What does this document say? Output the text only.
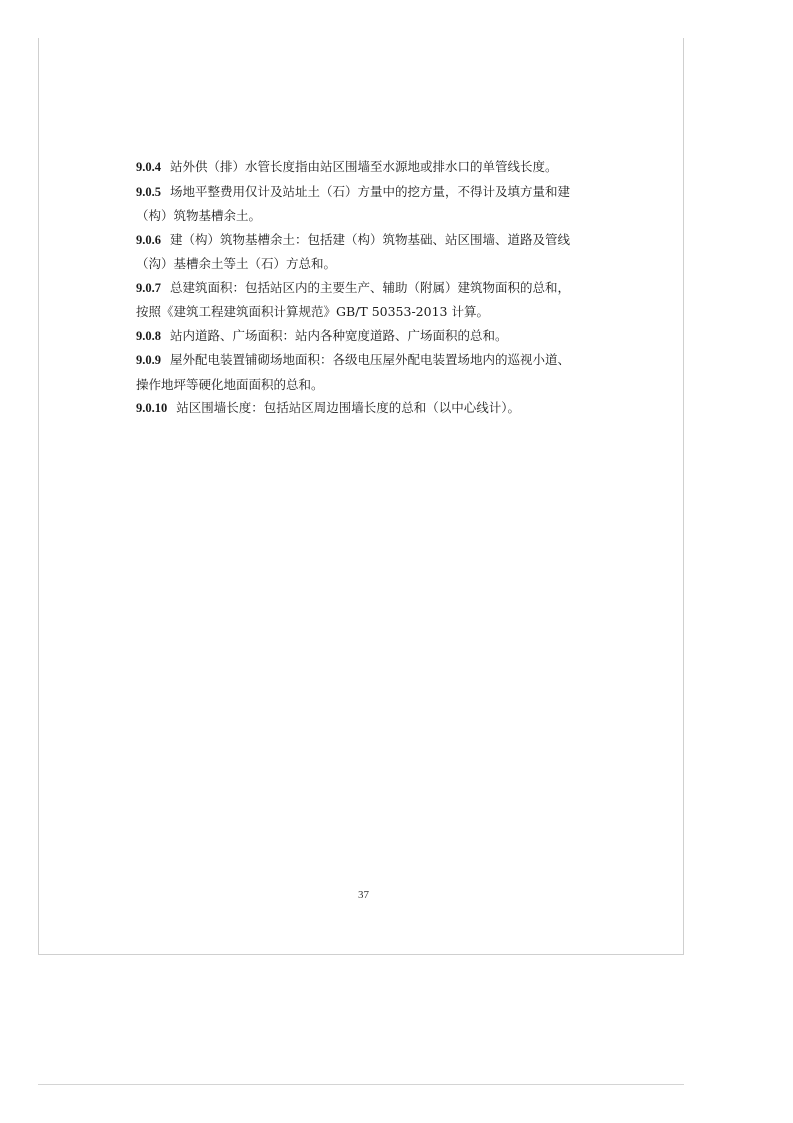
9.0.4 站外供（排）水管长度指由站区围墙至水源地或排水口的单管线长度。

9.0.5 场地平整费用仅计及站址土（石）方量中的挖方量，不得计及填方量和建
（构）筑物基槽余土。

9.0.6 建（构）筑物基槽余土：包括建（构）筑物基础、站区围墙、道路及管线
（沟）基槽余土等土（石）方总和。

9.0.7 总建筑面积：包括站区内的主要生产、辅助（附属）建筑物面积的总和，
按照《建筑工程建筑面积计算规范》GB/T 50353-2013 计算。

9.0.8 站内道路、广场面积：站内各种宽度道路、广场面积的总和。

9.0.9 屋外配电装置铺砌场地面积：各级电压屋外配电装置场地内的巡视小道、
操作地坪等硬化地面面积的总和。

9.0.10 站区围墙长度：包括站区周边围墙长度的总和（以中心线计）。

37
